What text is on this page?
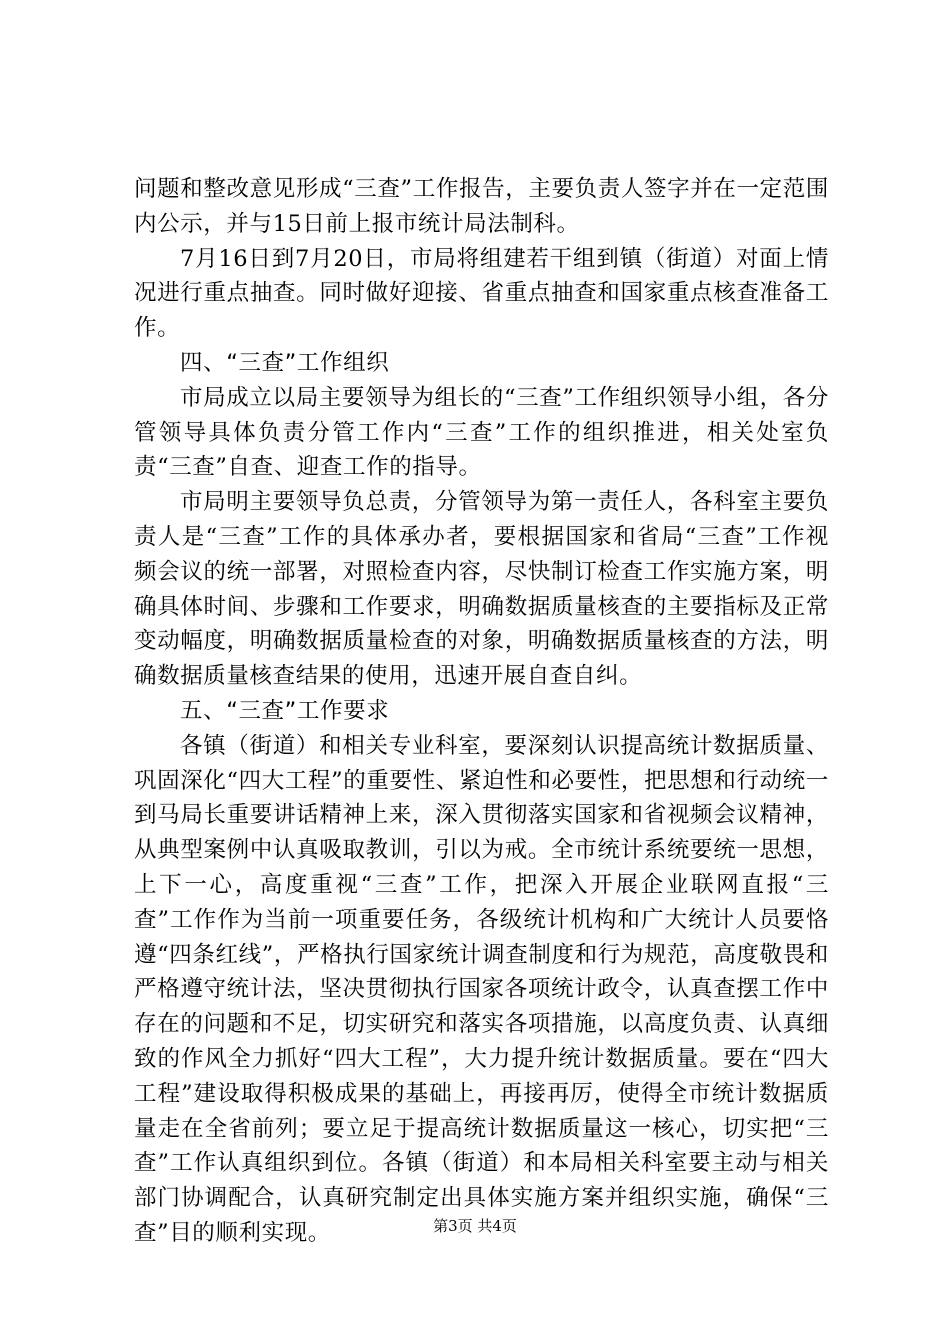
问题和整改意见形成“三查”工作报告，主要负责人签字并在一定范围内公示，并与15日前上报市统计局法制科。

7月16日到7月20日，市局将组建若干组到镇（街道）对面上情况进行重点抽查。同时做好迎接、省重点抽查和国家重点核查准备工作。

四、“三查”工作组织

市局成立以局主要领导为组长的“三查”工作组织领导小组，各分管领导具体负责分管工作内“三查”工作的组织推进，相关处室负责“三查”自查、迎查工作的指导。

市局明主要领导负总责，分管领导为第一责任人，各科室主要负责人是“三查”工作的具体承办者，要根据国家和省局“三查”工作视频会议的统一部署，对照检查内容，尽快制订检查工作实施方案，明确具体时间、步骤和工作要求，明确数据质量核查的主要指标及正常变动幅度，明确数据质量检查的对象，明确数据质量核查的方法，明确数据质量核查结果的使用，迅速开展自查自纠。

五、“三查”工作要求

各镇（街道）和相关专业科室，要深刻认识提高统计数据质量、巩固深化“四大工程”的重要性、紧迫性和必要性，把思想和行动统一到马局长重要讲话精神上来，深入贯彻落实国家和省视频会议精神，从典型案例中认真吸取教训，引以为戒。全市统计系统要统一思想，上下一心，高度重视“三查”工作，把深入开展企业联网直报“三查”工作作为当前一项重要任务，各级统计机构和广大统计人员要恪遵“四条红线”，严格执行国家统计调查制度和行为规范，高度敬畏和严格遵守统计法，坚决贯彻执行国家各项统计政令，认真查摆工作中存在的问题和不足，切实研究和落实各项措施，以高度负责、认真细致的作风全力抓好“四大工程”，大力提升统计数据质量。要在“四大工程”建设取得积极成果的基础上，再接再厉，使得全市统计数据质量走在全省前列；要立足于提高统计数据质量这一核心，切实把“三查”工作认真组织到位。各镇（街道）和本局相关科室要主动与相关部门协调配合，认真研究制定出具体实施方案并组织实施，确保“三查”目的顺利实现。	第3页 共4页
